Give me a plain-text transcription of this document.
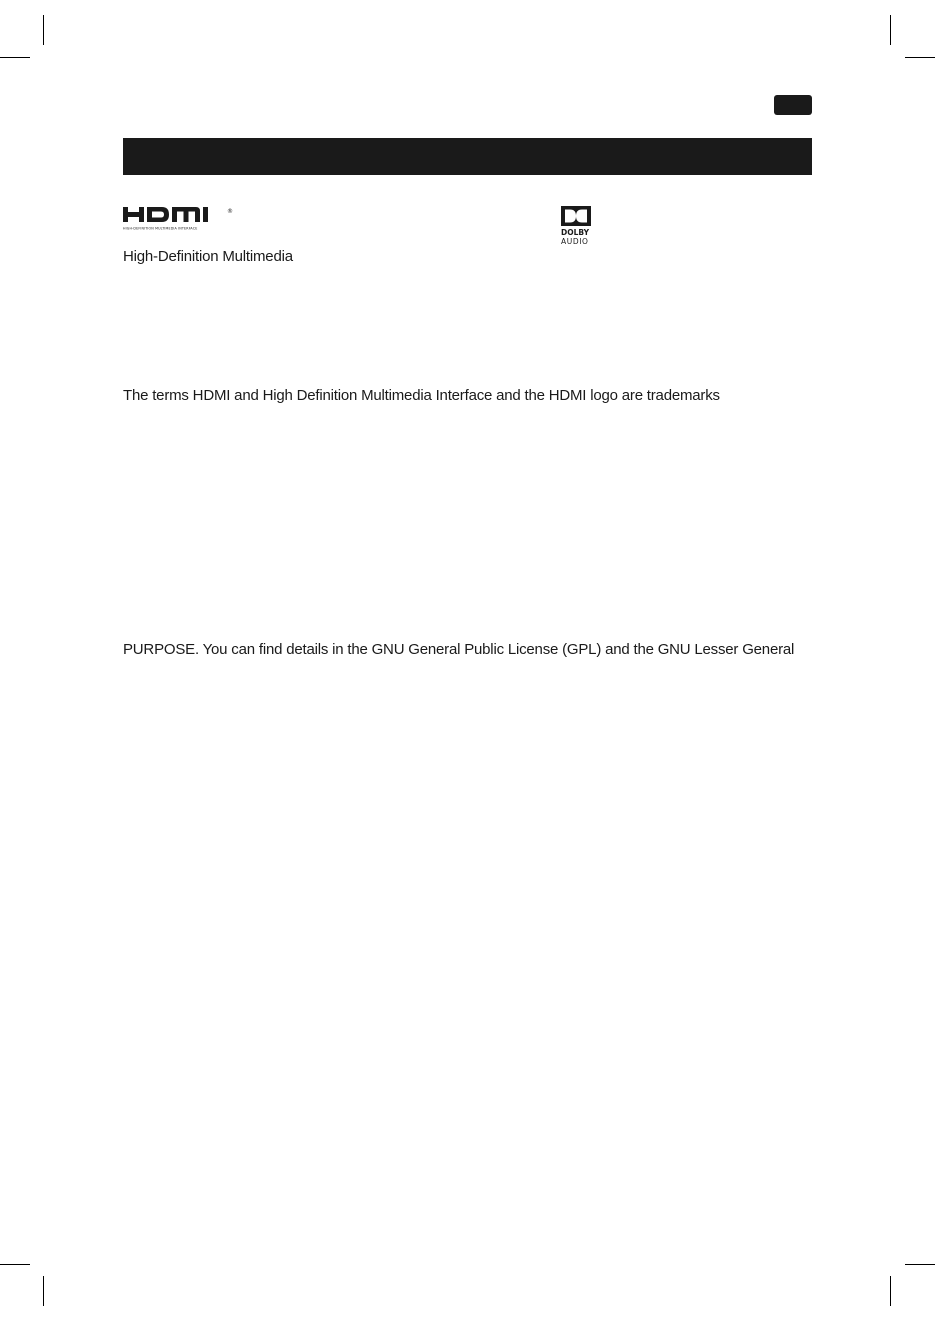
®
HIGH-DEFINITION MULTIMEDIA INTERFACE	DOLBY
AUDIO
High-Definition Multimedia
The terms HDMI and High Definition Multimedia Interface and the HDMI logo are trademarks
PURPOSE. You can find details in the GNU General Public License (GPL) and the GNU Lesser General
